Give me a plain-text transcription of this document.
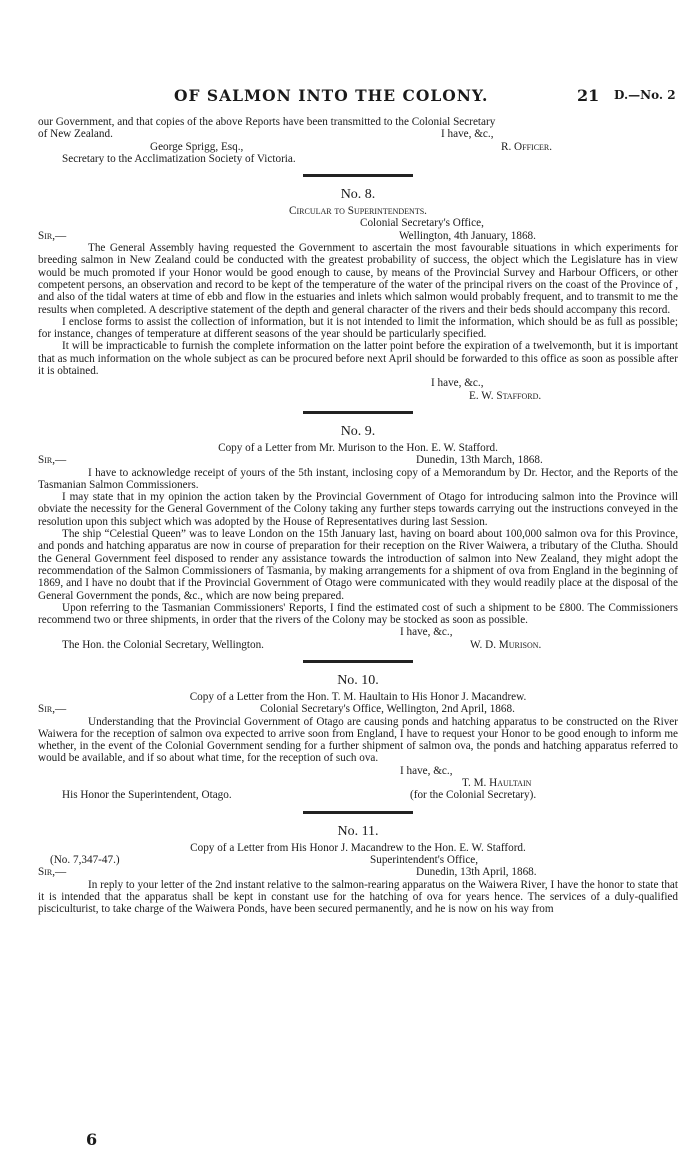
OF SALMON INTO THE COLONY.	21 D.—No. 2
our Government, and that copies of the above Reports have been transmitted to the Colonial Secretary
of New Zealand.	I have, &c.,
George Sprigg, Esq.,	R. Officer.
Secretary to the Acclimatization Society of Victoria.
No. 8.
Circular to Superintendents.
Colonial Secretary's Office,
Sir,—	Wellington, 4th January, 1868.
The General Assembly having requested the Government to ascertain the most favourable situations in which experiments for breeding salmon in New Zealand could be conducted with the greatest probability of success, the object which the Legislature has in view would be much promoted if your Honor would be good enough to cause, by means of the Provincial Survey and Harbour Officers, or other competent persons, an observation and record to be kept of the temperature of the water of the principal rivers on the coast of the Province of , and also of the tidal waters at time of ebb and flow in the estuaries and inlets which salmon would probably frequent, and to transmit to me the results when completed. A descriptive statement of the depth and general character of the rivers and their beds should accompany this record.
I enclose forms to assist the collection of information, but it is not intended to limit the information, which should be as full as possible; for instance, changes of temperature at different seasons of the year should be particularly specified.
It will be impracticable to furnish the complete information on the latter point before the expiration of a twelvemonth, but it is important that as much information on the whole subject as can be procured before next April should be forwarded to this office as soon as possible after it is obtained.
I have, &c.,
E. W. Stafford.
No. 9.
Copy of a Letter from Mr. Murison to the Hon. E. W. Stafford.
Sir,—	Dunedin, 13th March, 1868.
I have to acknowledge receipt of yours of the 5th instant, inclosing copy of a Memorandum by Dr. Hector, and the Reports of the Tasmanian Salmon Commissioners.
I may state that in my opinion the action taken by the Provincial Government of Otago for introducing salmon into the Province will obviate the necessity for the General Government of the Colony taking any further steps towards carrying out the instructions conveyed in the resolution upon this subject which was adopted by the House of Representatives during last Session.
The ship “Celestial Queen” was to leave London on the 15th January last, having on board about 100,000 salmon ova for this Province, and ponds and hatching apparatus are now in course of preparation for their reception on the River Waiwera, a tributary of the Clutha. Should the General Government feel disposed to render any assistance towards the introduction of salmon into New Zealand, they might adopt the recommendation of the Salmon Commissioners of Tasmania, by making arrangements for a shipment of ova from England in the beginning of 1869, and I have no doubt that if the Provincial Government of Otago were communicated with they would readily place at the disposal of the General Government the ponds, &c., which are now being prepared.
Upon referring to the Tasmanian Commissioners' Reports, I find the estimated cost of such a shipment to be £800. The Commissioners recommend two or three shipments, in order that the rivers of the Colony may be stocked as soon as possible.
I have, &c.,
The Hon. the Colonial Secretary, Wellington.	W. D. Murison.
No. 10.
Copy of a Letter from the Hon. T. M. Haultain to His Honor J. Macandrew.
Sir,—	Colonial Secretary's Office, Wellington, 2nd April, 1868.
Understanding that the Provincial Government of Otago are causing ponds and hatching apparatus to be constructed on the River Waiwera for the reception of salmon ova expected to arrive soon from England, I have to request your Honor to be good enough to inform me whether, in the event of the Colonial Government sending for a further shipment of salmon ova, the ponds and hatching apparatus referred to would be available, and if so about what time, for the reception of such ova.
I have, &c.,
T. M. Haultain
His Honor the Superintendent, Otago.	(for the Colonial Secretary).
No. 11.
Copy of a Letter from His Honor J. Macandrew to the Hon. E. W. Stafford.
(No. 7,347-47.)	Superintendent's Office,
Sir,—	Dunedin, 13th April, 1868.
In reply to your letter of the 2nd instant relative to the salmon-rearing apparatus on the Waiwera River, I have the honor to state that it is intended that the apparatus shall be kept in constant use for the hatching of ova for years hence. The services of a duly-qualified pisciculturist, to take charge of the Waiwera Ponds, have been secured permanently, and he is now on his way from
6
